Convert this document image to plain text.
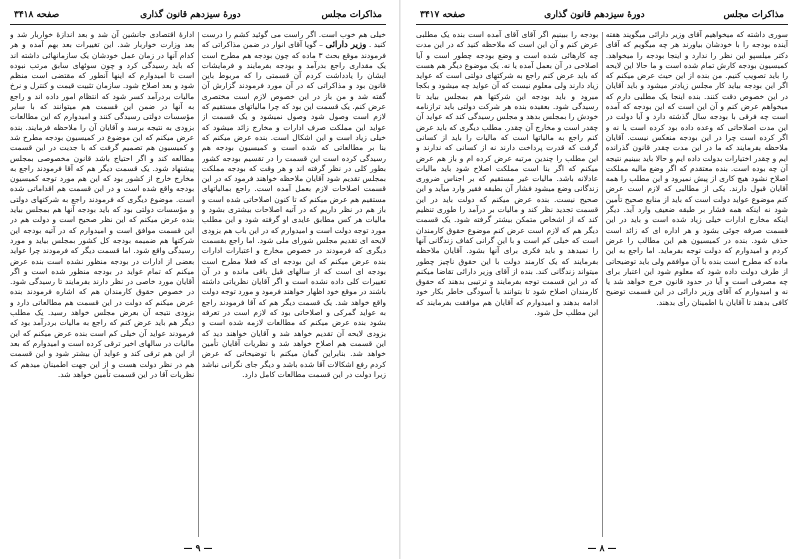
مذاکرات مجلس
دورهٔ سیزدهم قانون گذاری
صفحه ۳۴۱۸

خیلی هم خوب است. اگر راست می گوئید کشم را درست کنید . وزیر دارائی – گویا آقای انوار در ضمن مذاکراتی که فرمودند موقع بحث ۳ ماده که چون بودجه هم مطرح است یک مقداری راجع بدرآمد و بودجه بفرمایند و فرمایشات ایشان را یادداشت کردم آن قسمتی را که مربوط باین قانون بود و مذاکراتی که در آن مورد فرمودند گزارش آن گفته شد و من باز در این خصوص لازم است مختصری عرض کنم. یک قسمت این بود که چرا مالیاتهای مستقیم که لازم است وصول شود وصول نمیشود و یک قسمت از عواید این مملکت صرف ادارات و مخارج زائد میشود که خیلی زیاد است و این اشکال است. بنده عرض میکنم که بنا بر مطالعاتی که شده است و کمیسیون بودجه هم رسیدگی کرده است این قسمت را در تقسیم بودجه کشور بطور کلی در نظر گرفته اند و هر وقت که بودجه مملکت بمجلس تقدیم شود آقایان ملاحظه خواهند فرمود که در این قسمت اصلاحات لازم بعمل آمده است. راجع بمالیاتهای مستقیم هم عرض میکنم که تا کنون اصلاحاتی شده است و باز هم در نظر داریم که در آتیه اصلاحات بیشتری بشود و مالیات هر کس مطابق عایدی او گرفته شود و این مطلب مورد توجه دولت است و امیدوارم که در این باب هم بزودی لایحه ای تقدیم مجلس شورای ملی شود. اما راجع بقسمت دیگری که فرمودند در خصوص مخارج و اعتبارات ادارات بنده عرض میکنم که این بودجه ای که فعلا مطرح است بودجه ای است که از سالهای قبل باقی مانده و در آن تغییرات کلی داده نشده است و اگر آقایان نظریاتی داشته باشند در موقع خود اظهار خواهند فرمود و مورد توجه دولت واقع خواهد شد. یک قسمت دیگر هم که آقا فرمودند راجع به عواید گمرکی و اصلاحاتی بود که لازم است در تعرفه بشود بنده عرض میکنم که مطالعات لازمه شده است و بزودی لایحه آن تقدیم خواهد شد و آقایان خواهند دید که این قسمت هم اصلاح خواهد شد و نظریات آقایان تأمین خواهد شد. بنابراین گمان میکنم با توضیحاتی که عرض کردم رفع اشکالات آقا شده باشد و دیگر جای نگرانی نباشد زیرا دولت در این قسمت مطالعات کامل دارد.

ادارهٔ اقتصادی جانشین آن شد و بعد اندازهٔ خواربار شد و بعد وزارت خواربار شد. این تغییرات بعد بهم آمده و هر کدام آنها در زمان عمل خودشان یک سازمانهائی داشته اند که باید رسیدگی کرد و چون سوئهای سابق مرتب نبوده است تا امیدوارم که اینها آنطور که مقتضی است منظم شود و بعد اصلاح شود. سازمان تثبیت قیمت و کنترل و نرخ مالیات بردرآمد کسر شود که انتظام امور داده اند و راجع به آنها در ضمن این قسمت هم میتوانند که با سایر مؤسسات دولتی رسیدگی کنند و امیدوارم که این مطالعات بزودی به نتیجه برسد و آقایان آن را ملاحظه فرمایند. بنده عرض میکنم که این موضوع در کمیسیون بودجه مطرح شد و کمیسیون هم تصمیم گرفت که با جدیت در این قسمت مطالعه کند و اگر احتیاج باشد قانون مخصوصی بمجلس پیشنهاد شود. یک قسمت دیگر هم که آقا فرمودند راجع به مخارج خارج از کشور بود که این هم مورد توجه کمیسیون بودجه واقع شده است و در این قسمت هم اقداماتی شده است. موضوع دیگری که فرمودند راجع به شرکتهای دولتی و مؤسسات دولتی بود که باید بودجه آنها هم بمجلس بیاید بنده عرض میکنم که این نظر صحیح است و دولت هم در این قسمت موافق است و امیدوارم که در آتیه بودجه این شرکتها هم ضمیمه بودجه کل کشور بمجلس بیاید و مورد رسیدگی واقع شود. اما قسمت دیگر که فرمودند چرا عواید بعضی از ادارات در بودجه منظور نشده است بنده عرض میکنم که تمام عواید در بودجه منظور شده است و اگر آقایان مورد خاصی در نظر دارند بفرمایند تا رسیدگی شود. در خصوص حقوق کارمندان هم که اشاره فرمودند بنده عرض میکنم که دولت در این قسمت هم مطالعاتی دارد و بزودی نتیجه آن بعرض مجلس خواهد رسید. یک مطلب دیگر هم باید عرض کنم که راجع به مالیات بردرآمد بود که فرمودند عواید آن خیلی کم است بنده عرض میکنم که این مالیات در سالهای اخیر ترقی کرده است و امیدوارم که بعد از این هم ترقی کند و عواید آن بیشتر شود و این قسمت هم در نظر دولت هست و از این جهت اطمینان میدهم که نظریات آقا در این قسمت تأمین خواهد شد.

— ۹ —
مذاکرات مجلس
دورهٔ سیزدهم قانون گذاری
صفحه ۳۴۱۷

سوری داشته که میخواهیم آقای وزیر دارائی میگویند هفته آینده بودجه را با خودشان بیاورند هر چه میگویم که آقای دکتر میلسپو این نظر را ندارد و اینجا بودجه را میخواهد. کمیسیون بودجه کارش تمام شده است و ما حالا این لایحه را باید تصویب کنیم. من بنده از این حیث عرض میکنم که اگر این بودجه بیاید کار مجلس زیادتر میشود و باید آقایان در این خصوص دقت کنند. بنده اینجا یک مطلبی دارم که میخواهم عرض کنم و آن این است که این بودجه که آمده است چه فرقی با بودجه سال گذشته دارد و آیا دولت در این مدت اصلاحاتی که وعده داده بود کرده است یا نه و اگر کرده است چرا در این بودجه منعکس نیست. آقایان ملاحظه بفرمایند که ما در این مدت چقدر قانون گذرانده ایم و چقدر اختیارات بدولت داده ایم و حالا باید ببینیم نتیجه آن چه بوده است. بنده معتقدم که اگر وضع مالیه مملکت اصلاح نشود هیچ کاری از پیش نمیرود و این مطلب را همه آقایان قبول دارند. یکی از مطالبی که لازم است عرض کنم موضوع عواید دولت است که باید از منابع صحیح تأمین شود نه اینکه همه فشار بر طبقه ضعیف وارد آید. دیگر اینکه مخارج ادارات خیلی زیاد شده است و باید در این قسمت صرفه جوئی بشود و هر اداره ای که زائد است حذف شود. بنده در کمیسیون هم این مطالب را عرض کردم و امیدوارم که دولت توجه بفرماید. اما راجع به این ماده که مطرح است بنده با آن موافقم ولی باید توضیحاتی از طرف دولت داده شود که معلوم شود این اعتبار برای چه مصرفی است و آیا در حدود قانون خرج خواهد شد یا نه و امیدوارم که آقای وزیر دارائی در این قسمت توضیح کافی بدهند تا آقایان با اطمینان رأی بدهند.

بودجه را ببینیم اگر آقای آقای آمده است بنده یک مطلبی عرض کنم و آن این است که ملاحظه کنید که در این مدت چه کارهائی شده است و وضع بودجه چطور است و آیا اصلاحی در آن بعمل آمده یا نه. یک موضوع دیگر هم هست که باید عرض کنم راجع به شرکتهای دولتی است که عواید زیاد دارند ولی معلوم نیست که آن عواید چه میشود و بکجا میرود و باید بودجه این شرکتها هم بمجلس بیاید تا رسیدگی شود. بعقیده بنده هر شرکت دولتی باید ترازنامه خودش را بمجلس بدهد و مجلس رسیدگی کند که عواید آن چقدر است و مخارج آن چقدر. مطلب دیگری که باید عرض کنم راجع به مالیاتها است که مالیات را باید از کسانی گرفت که قدرت پرداخت دارند نه از کسانی که ندارند و این مطلب را چندین مرتبه عرض کرده ام و باز هم عرض میکنم که اگر بنا است مملکت اصلاح شود باید مالیات عادلانه باشد. مالیات غیر مستقیم که بر اجناس ضروری زندگانی وضع میشود فشار آن بطبقه فقیر وارد میآید و این صحیح نیست. بنده عرض میکنم که دولت باید در این قسمت تجدید نظر کند و مالیات بر درآمد را طوری تنظیم کند که از اشخاص متمکن بیشتر گرفته شود. یک قسمت دیگر هم که لازم است عرض کنم موضوع حقوق کارمندان است که خیلی کم است و با این گرانی کفاف زندگانی آنها را نمیدهد و باید فکری برای آنها بشود. آقایان ملاحظه بفرمایند که یک کارمند دولت با این حقوق ناچیز چطور میتواند زندگانی کند. بنده از آقای وزیر دارائی تقاضا میکنم که در این قسمت توجه بفرمایند و ترتیبی بدهند که حقوق کارمندان اصلاح شود تا بتوانند با آسودگی خاطر بکار خود ادامه بدهند و امیدوارم که آقایان هم موافقت بفرمایند که این مطلب حل شود.

— ۸ —
